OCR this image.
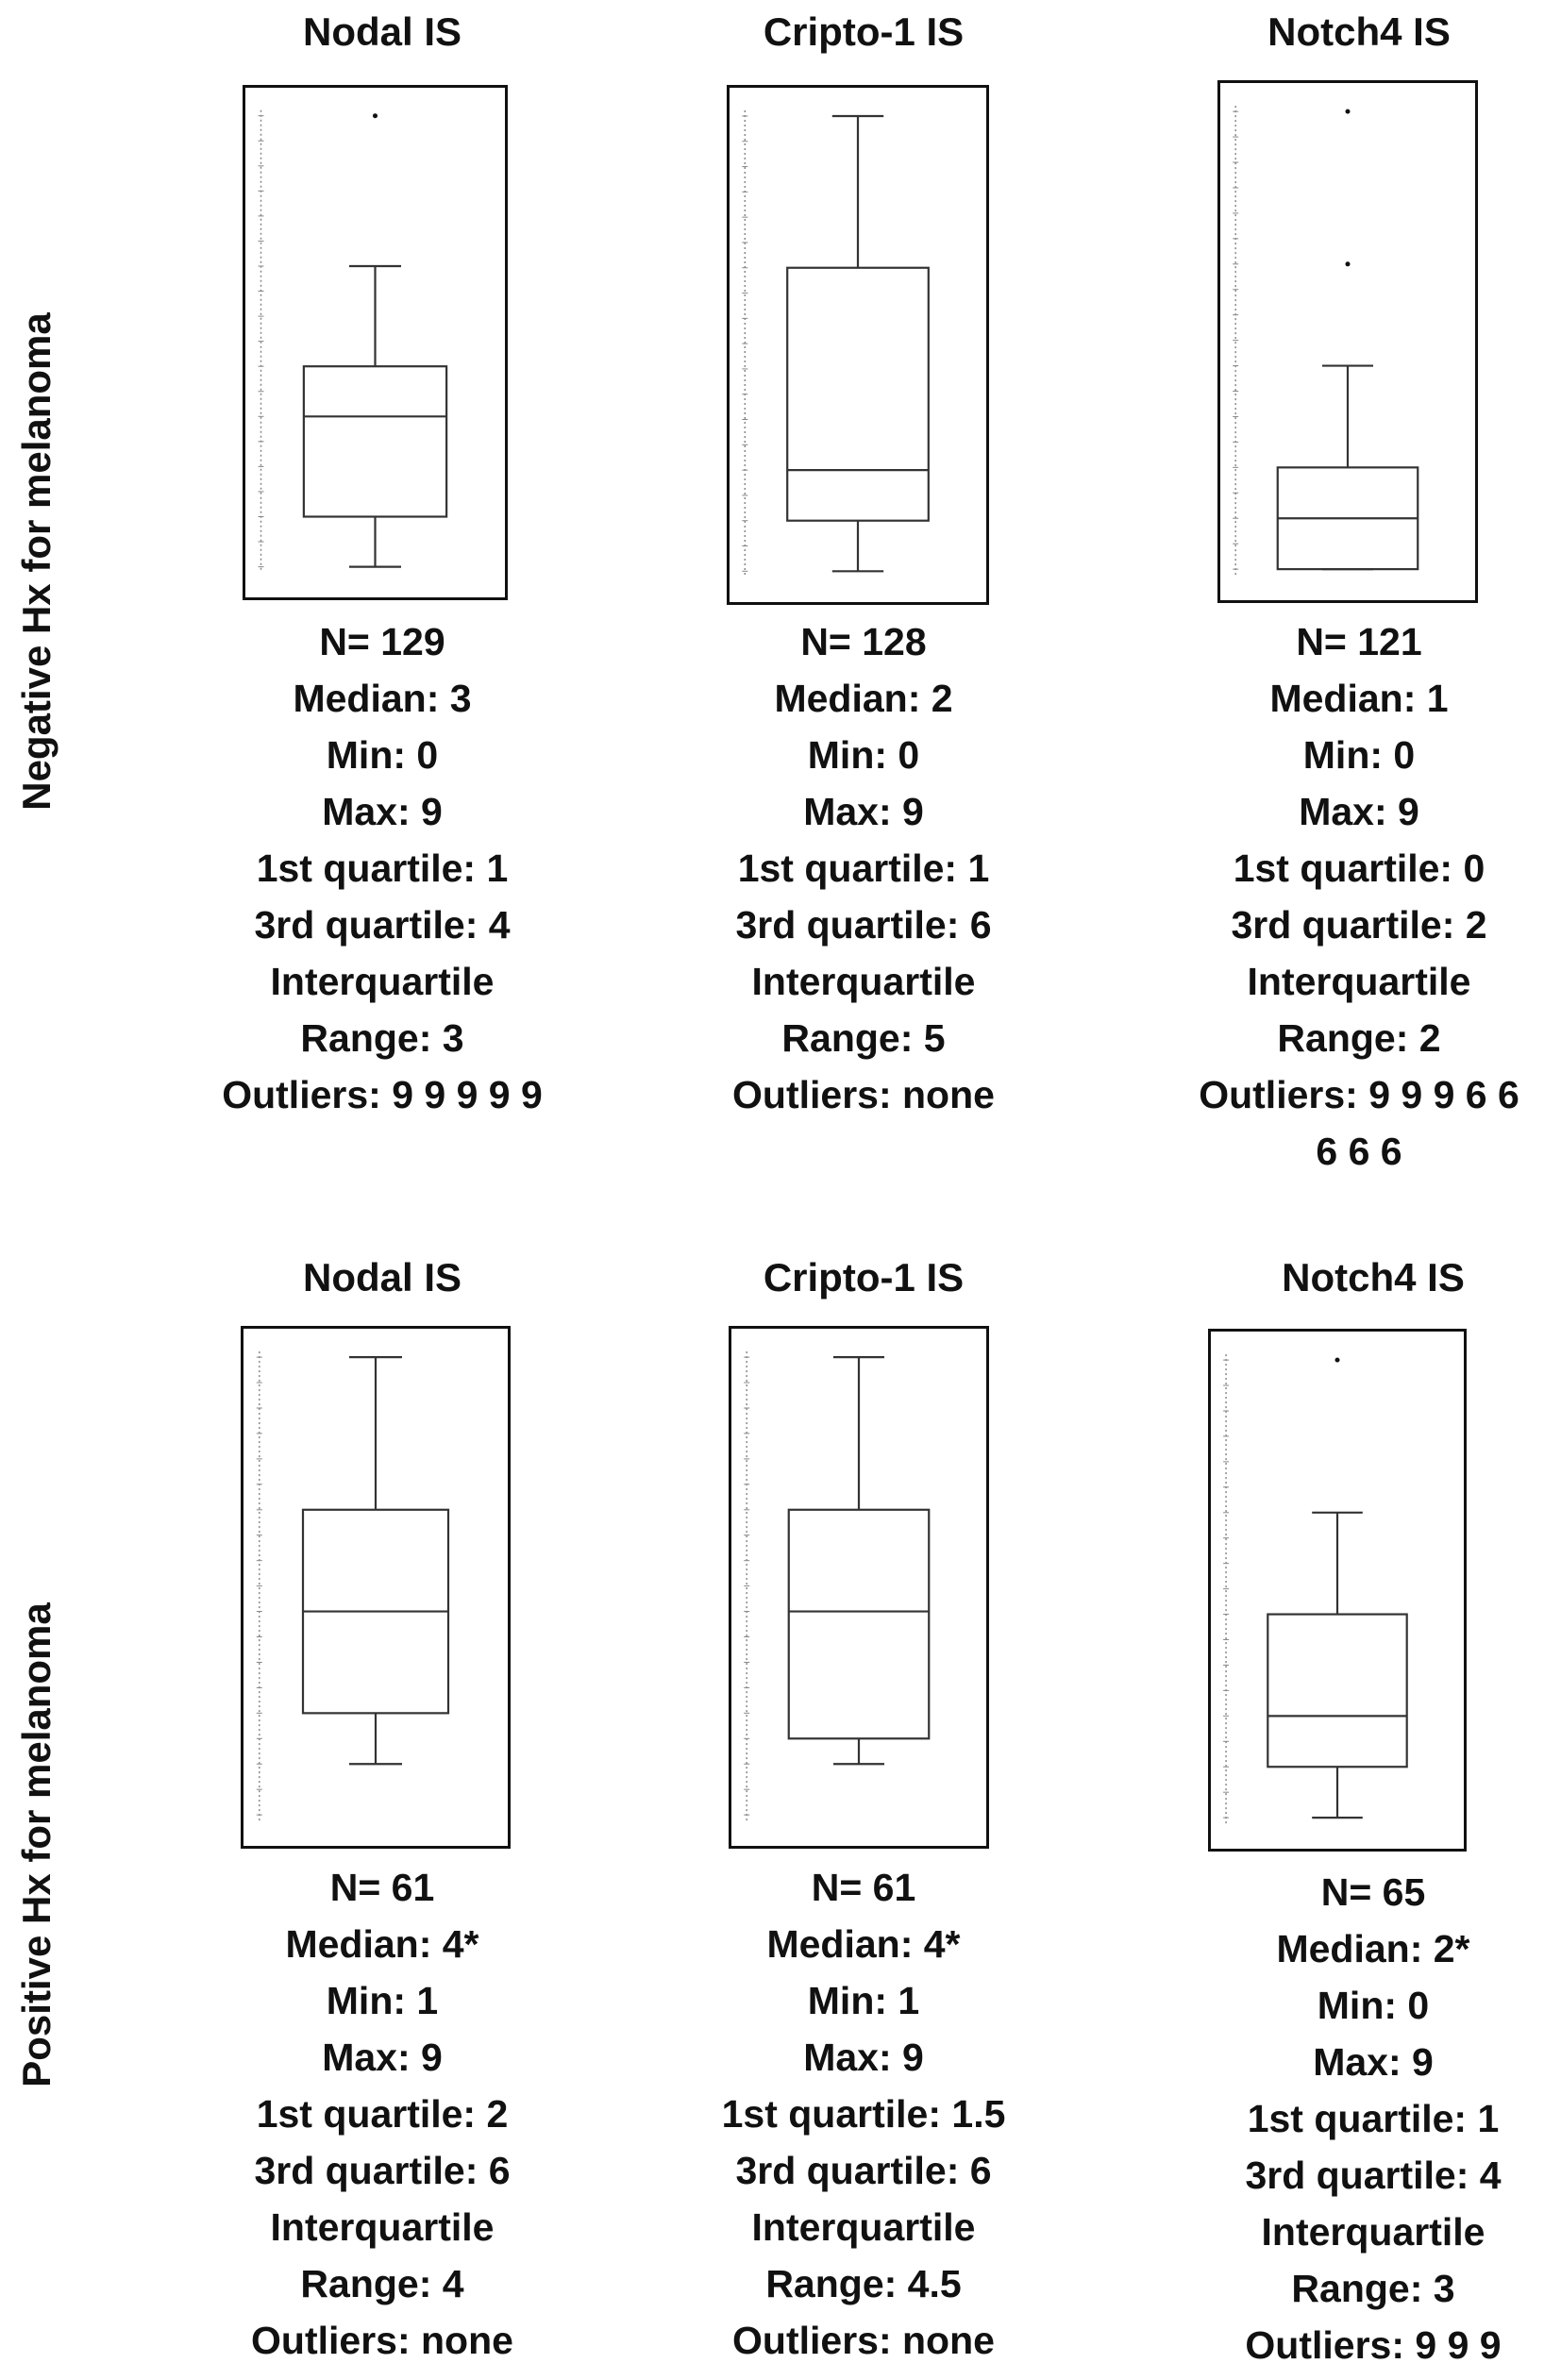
Negative Hx for melanoma
Positive Hx for melanoma
Nodal IS
N= 129
Median: 3
Min: 0
Max: 9
1st quartile: 1
3rd quartile: 4
Interquartile
Range: 3
Outliers: 9 9 9 9 9
Cripto-1 IS
N= 128
Median: 2
Min: 0
Max: 9
1st quartile: 1
3rd quartile: 6
Interquartile
Range: 5
Outliers: none
Notch4 IS
N= 121
Median: 1
Min: 0
Max: 9
1st quartile: 0
3rd quartile: 2
Interquartile
Range: 2
Outliers: 9 9 9 6 6
6 6 6
Nodal IS
N= 61
Median: 4*
Min: 1
Max: 9
1st quartile: 2
3rd quartile: 6
Interquartile
Range: 4
Outliers: none
Cripto-1 IS
N= 61
Median: 4*
Min: 1
Max: 9
1st quartile: 1.5
3rd quartile: 6
Interquartile
Range: 4.5
Outliers: none
Notch4 IS
N= 65
Median: 2*
Min: 0
Max: 9
1st quartile: 1
3rd quartile: 4
Interquartile
Range: 3
Outliers: 9 9 9
